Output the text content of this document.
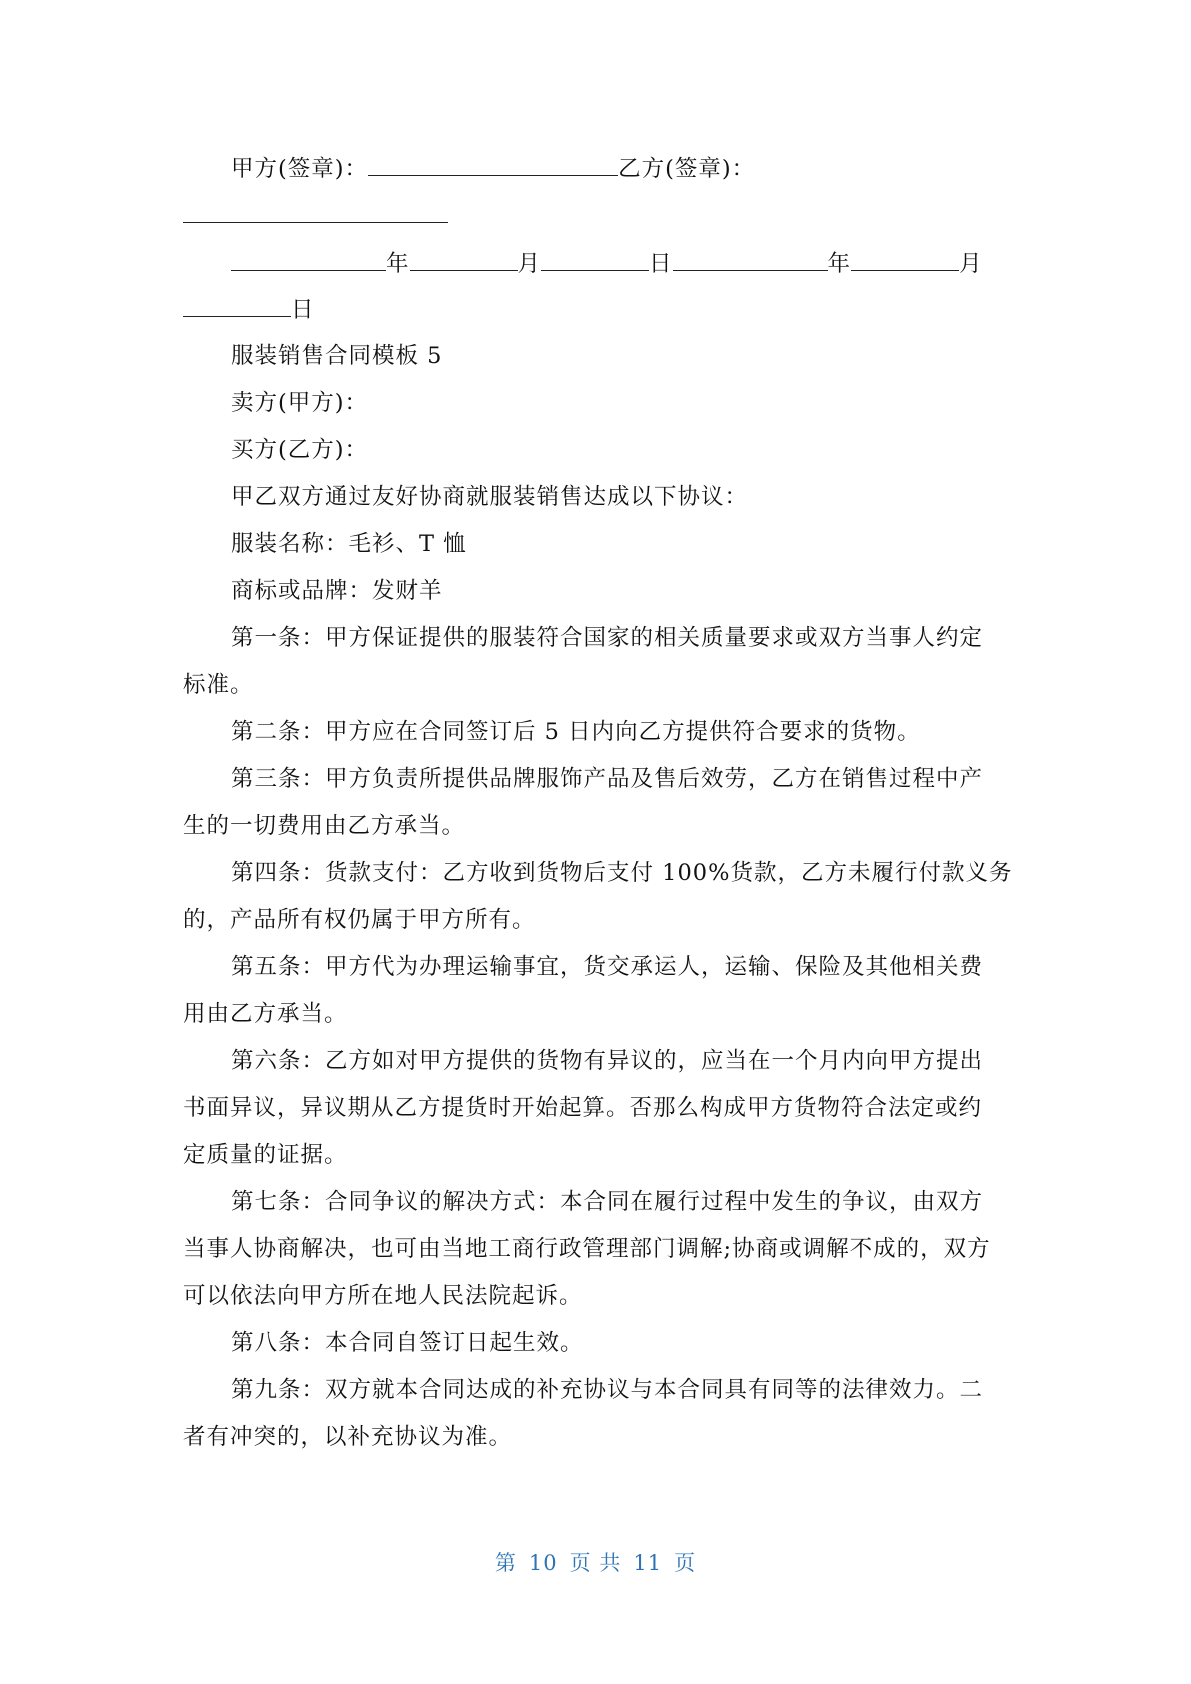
甲方(签章)：	乙方(签章)：
年	月	日	年	月
日
服装销售合同模板 5
卖方(甲方)：
买方(乙方)：
甲乙双方通过友好协商就服装销售达成以下协议：
服装名称：毛衫、T 恤
商标或品牌：发财羊
第一条：甲方保证提供的服装符合国家的相关质量要求或双方当事人约定
标准。
第二条：甲方应在合同签订后 5 日内向乙方提供符合要求的货物。
第三条：甲方负责所提供品牌服饰产品及售后效劳，乙方在销售过程中产
生的一切费用由乙方承当。
第四条：货款支付：乙方收到货物后支付 100%货款，乙方未履行付款义务
的，产品所有权仍属于甲方所有。
第五条：甲方代为办理运输事宜，货交承运人，运输、保险及其他相关费
用由乙方承当。
第六条：乙方如对甲方提供的货物有异议的，应当在一个月内向甲方提出
书面异议，异议期从乙方提货时开始起算。否那么构成甲方货物符合法定或约
定质量的证据。
第七条：合同争议的解决方式：本合同在履行过程中发生的争议，由双方
当事人协商解决，也可由当地工商行政管理部门调解;协商或调解不成的，双方
可以依法向甲方所在地人民法院起诉。
第八条：本合同自签订日起生效。
第九条：双方就本合同达成的补充协议与本合同具有同等的法律效力。二
者有冲突的，以补充协议为准。
第 10 页 共 11 页
